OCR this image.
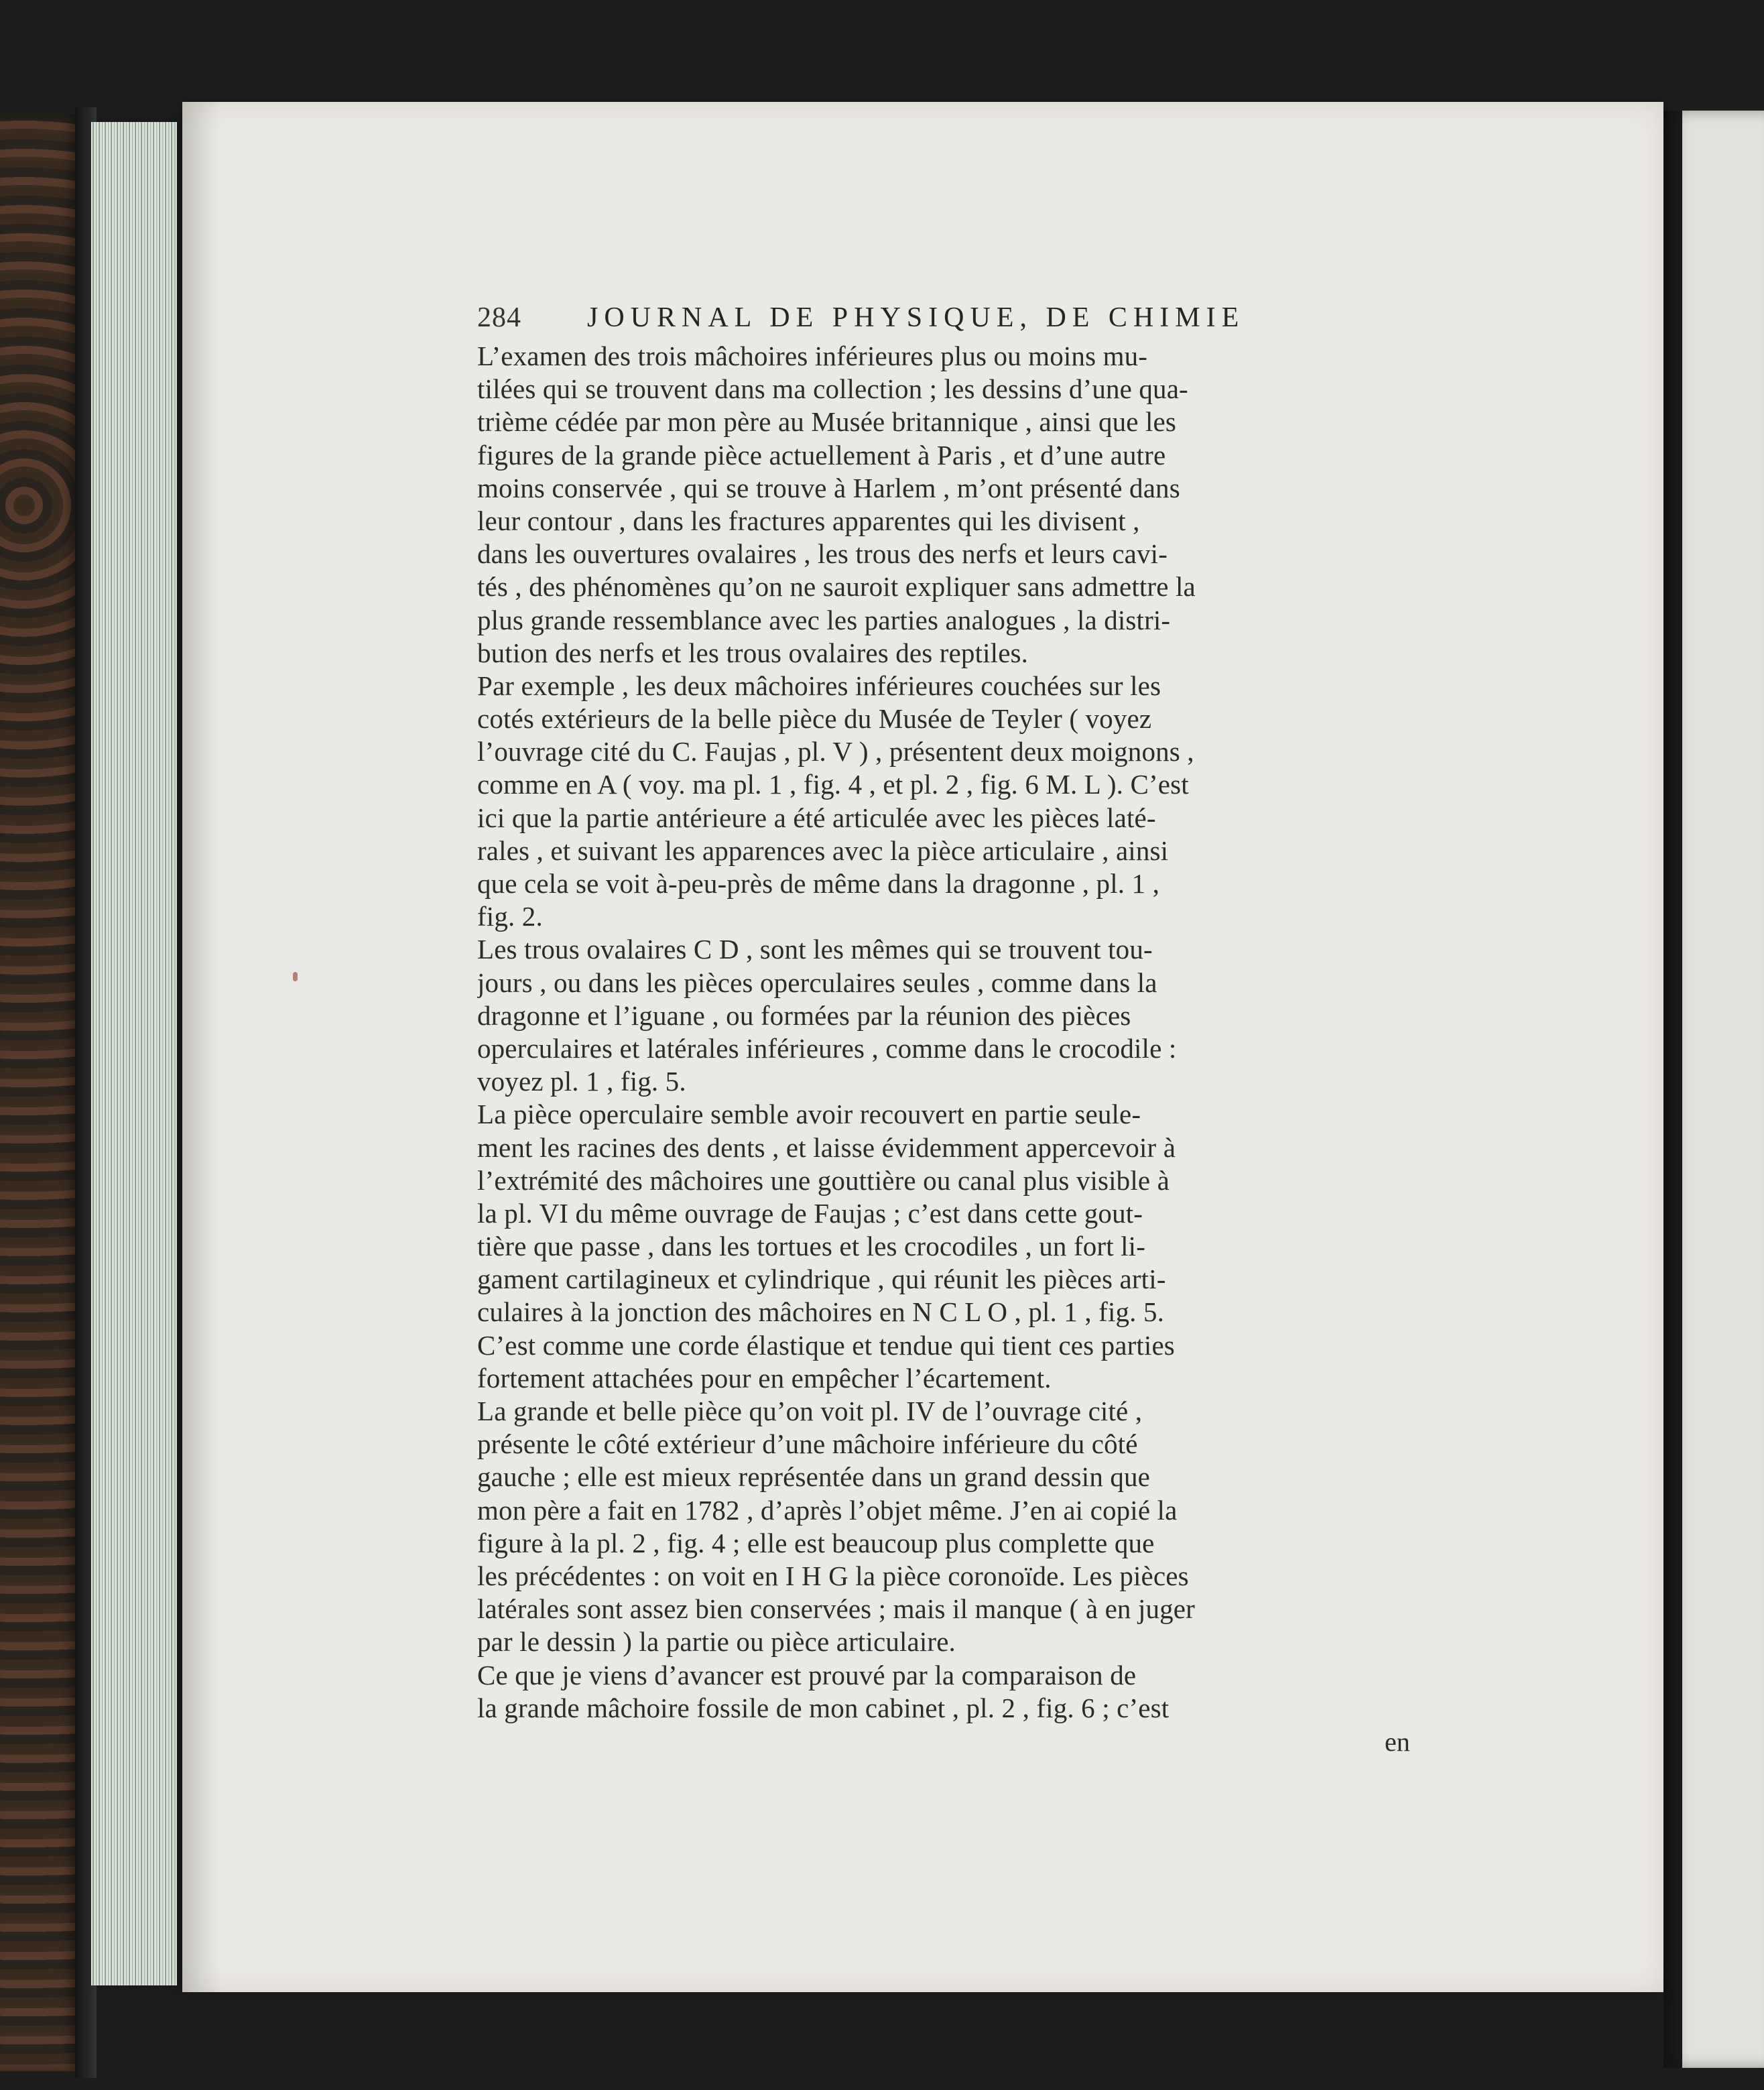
284 JOURNAL DE PHYSIQUE, DE CHIMIE
L’examen des trois mâchoires inférieures plus ou moins mu-
tilées qui se trouvent dans ma collection ; les dessins d’une qua-
trième cédée par mon père au Musée britannique , ainsi que les
figures de la grande pièce actuellement à Paris , et d’une autre
moins conservée , qui se trouve à Harlem , m’ont présenté dans
leur contour , dans les fractures apparentes qui les divisent ,
dans les ouvertures ovalaires , les trous des nerfs et leurs cavi-
tés , des phénomènes qu’on ne sauroit expliquer sans admettre la
plus grande ressemblance avec les parties analogues , la distri-
bution des nerfs et les trous ovalaires des reptiles.
Par exemple , les deux mâchoires inférieures couchées sur les
cotés extérieurs de la belle pièce du Musée de Teyler ( voyez
l’ouvrage cité du C. Faujas , pl. V ) , présentent deux moignons ,
comme en A ( voy. ma pl. 1 , fig. 4 , et pl. 2 , fig. 6 M. L ). C’est
ici que la partie antérieure a été articulée avec les pièces laté-
rales , et suivant les apparences avec la pièce articulaire , ainsi
que cela se voit à-peu-près de même dans la dragonne , pl. 1 ,
fig. 2.
Les trous ovalaires C D , sont les mêmes qui se trouvent tou-
jours , ou dans les pièces operculaires seules , comme dans la
dragonne et l’iguane , ou formées par la réunion des pièces
operculaires et latérales inférieures , comme dans le crocodile :
voyez pl. 1 , fig. 5.
La pièce operculaire semble avoir recouvert en partie seule-
ment les racines des dents , et laisse évidemment appercevoir à
l’extrémité des mâchoires une gouttière ou canal plus visible à
la pl. VI du même ouvrage de Faujas ; c’est dans cette gout-
tière que passe , dans les tortues et les crocodiles , un fort li-
gament cartilagineux et cylindrique , qui réunit les pièces arti-
culaires à la jonction des mâchoires en N C L O , pl. 1 , fig. 5.
C’est comme une corde élastique et tendue qui tient ces parties
fortement attachées pour en empêcher l’écartement.
La grande et belle pièce qu’on voit pl. IV de l’ouvrage cité ,
présente le côté extérieur d’une mâchoire inférieure du côté
gauche ; elle est mieux représentée dans un grand dessin que
mon père a fait en 1782 , d’après l’objet même. J’en ai copié la
figure à la pl. 2 , fig. 4 ; elle est beaucoup plus complette que
les précédentes : on voit en I H G la pièce coronoïde. Les pièces
latérales sont assez bien conservées ; mais il manque ( à en juger
par le dessin ) la partie ou pièce articulaire.
Ce que je viens d’avancer est prouvé par la comparaison de
la grande mâchoire fossile de mon cabinet , pl. 2 , fig. 6 ; c’est
en
